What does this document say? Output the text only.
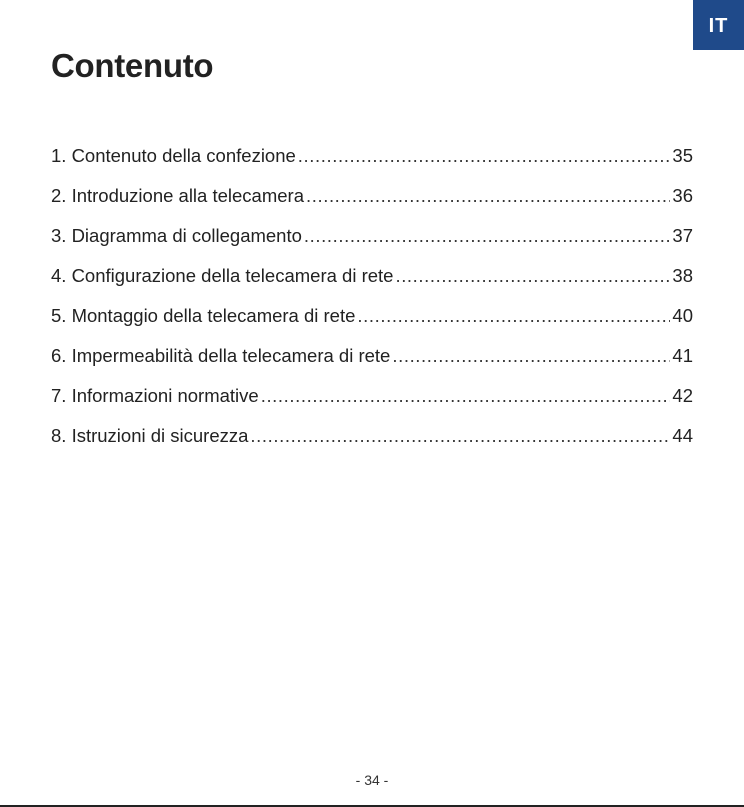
IT
Contenuto
1. Contenuto della confezione .....	35
2. Introduzione alla telecamera .....	36
3. Diagramma di collegamento .....	37
4. Configurazione della telecamera di rete .....	38
5. Montaggio della telecamera di rete .....	40
6. Impermeabilità della telecamera di rete .....	41
7. Informazioni normative .....	42
8. Istruzioni di sicurezza .....	44
- 34 -
